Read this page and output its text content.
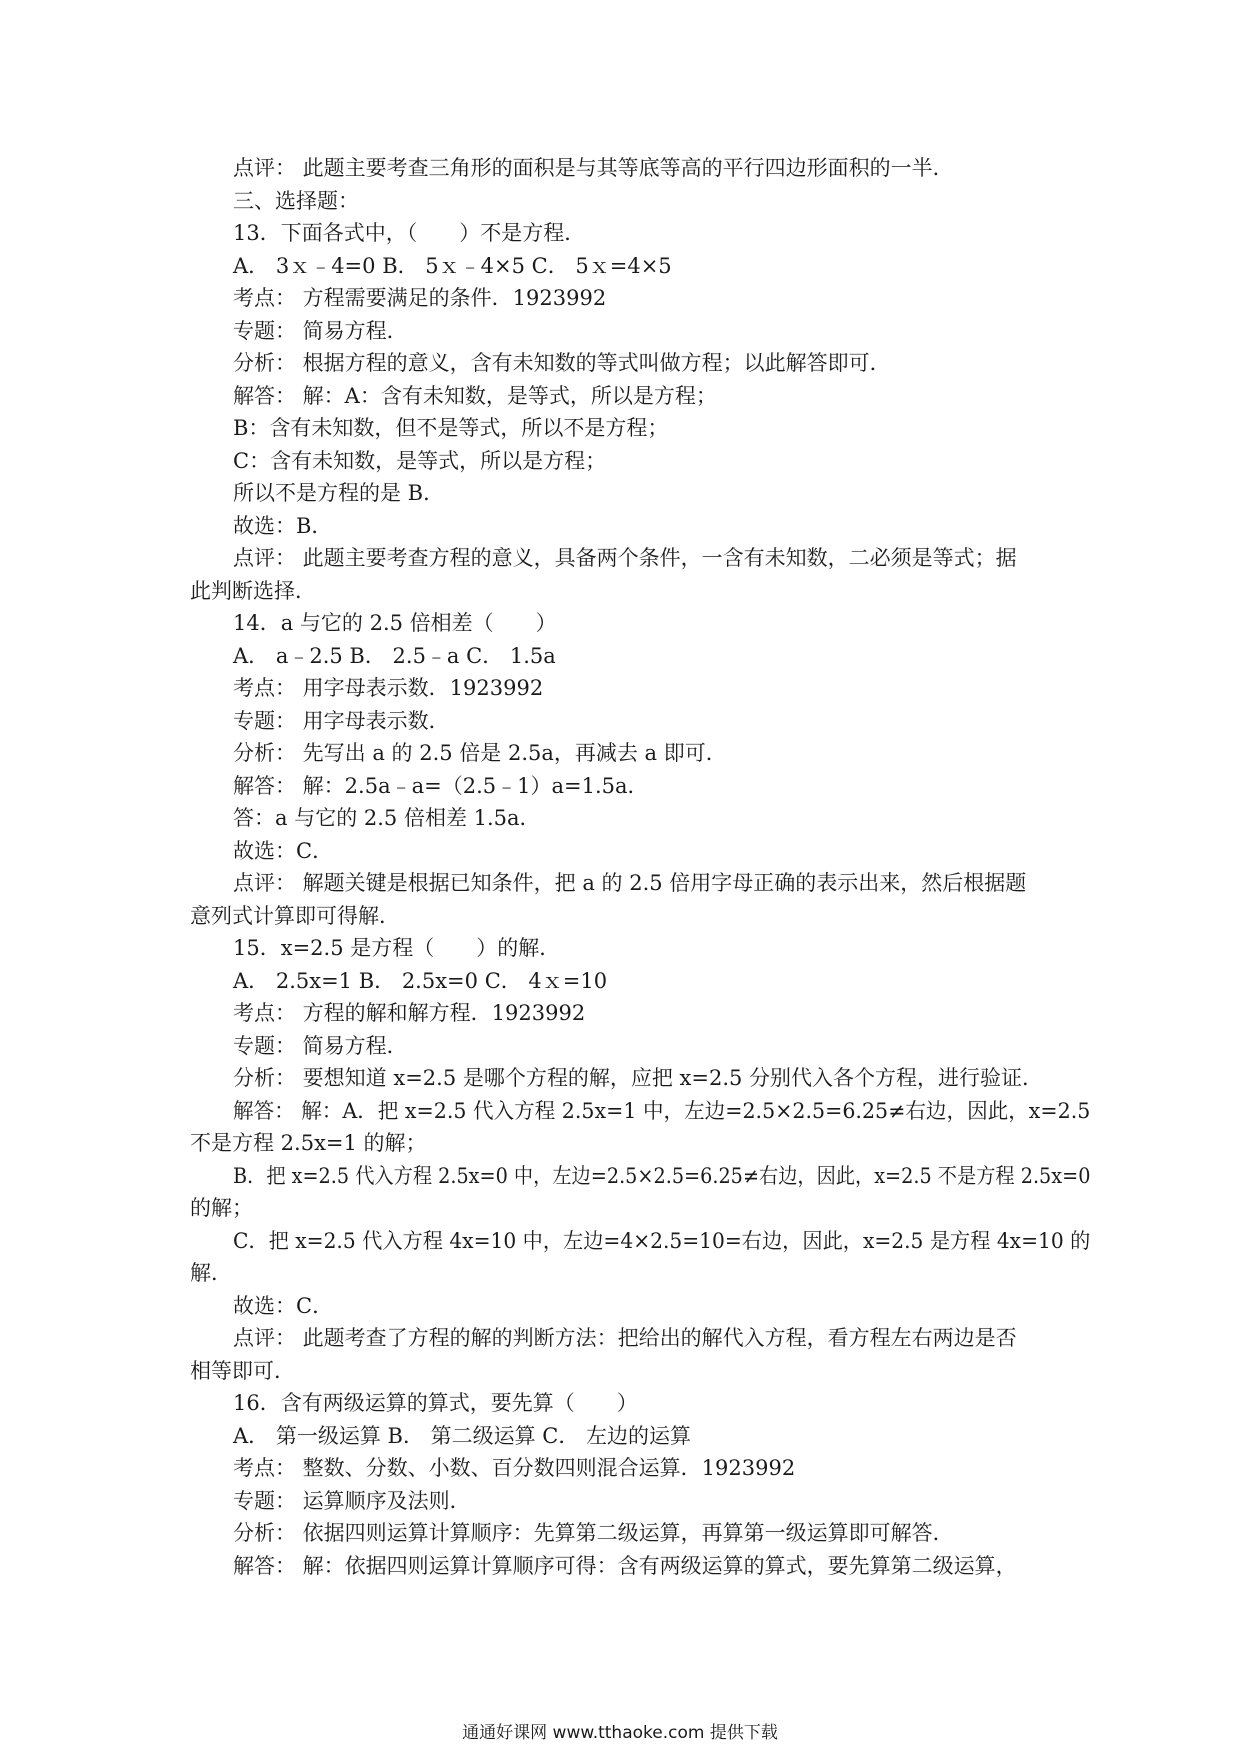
点评： 此题主要考查三角形的面积是与其等底等高的平行四边形面积的一半．
三、选择题：
13．下面各式中，（　　）不是方程．
A． 3ｘ﹣4=0 B． 5ｘ﹣4×5 C． 5ｘ=4×5
考点： 方程需要满足的条件．1923992
专题： 简易方程．
分析： 根据方程的意义，含有未知数的等式叫做方程；以此解答即可．
解答： 解：A：含有未知数，是等式，所以是方程；
B：含有未知数，但不是等式，所以不是方程；
C：含有未知数，是等式，所以是方程；
所以不是方程的是 B．
故选：B．
点评： 此题主要考查方程的意义，具备两个条件，一含有未知数，二必须是等式；据
此判断选择．
14．a 与它的 2.5 倍相差（　　）
A． a﹣2.5 B． 2.5﹣a C． 1.5a
考点： 用字母表示数．1923992
专题： 用字母表示数．
分析： 先写出 a 的 2.5 倍是 2.5a，再减去 a 即可．
解答： 解：2.5a﹣a=（2.5﹣1）a=1.5a．
答：a 与它的 2.5 倍相差 1.5a．
故选：C．
点评： 解题关键是根据已知条件，把 a 的 2.5 倍用字母正确的表示出来，然后根据题
意列式计算即可得解．
15．x=2.5 是方程（　　）的解．
A． 2.5x=1 B． 2.5x=0 C． 4ｘ=10
考点： 方程的解和解方程．1923992
专题： 简易方程．
分析： 要想知道 x=2.5 是哪个方程的解，应把 x=2.5 分别代入各个方程，进行验证．
解答： 解：A．把 x=2.5 代入方程 2.5x=1 中，左边=2.5×2.5=6.25≠右边，因此，x=2.5
不是方程 2.5x=1 的解；
B．把 x=2.5 代入方程 2.5x=0 中，左边=2.5×2.5=6.25≠右边，因此，x=2.5 不是方程 2.5x=0
的解；
C．把 x=2.5 代入方程 4x=10 中，左边=4×2.5=10=右边，因此，x=2.5 是方程 4x=10 的
解．
故选：C．
点评： 此题考查了方程的解的判断方法：把给出的解代入方程，看方程左右两边是否
相等即可．
16．含有两级运算的算式，要先算（　　）
A． 第一级运算 B． 第二级运算 C． 左边的运算
考点： 整数、分数、小数、百分数四则混合运算．1923992
专题： 运算顺序及法则．
分析： 依据四则运算计算顺序：先算第二级运算，再算第一级运算即可解答．
解答： 解：依据四则运算计算顺序可得：含有两级运算的算式，要先算第二级运算，
通通好课网 www.tthaoke.com 提供下载
